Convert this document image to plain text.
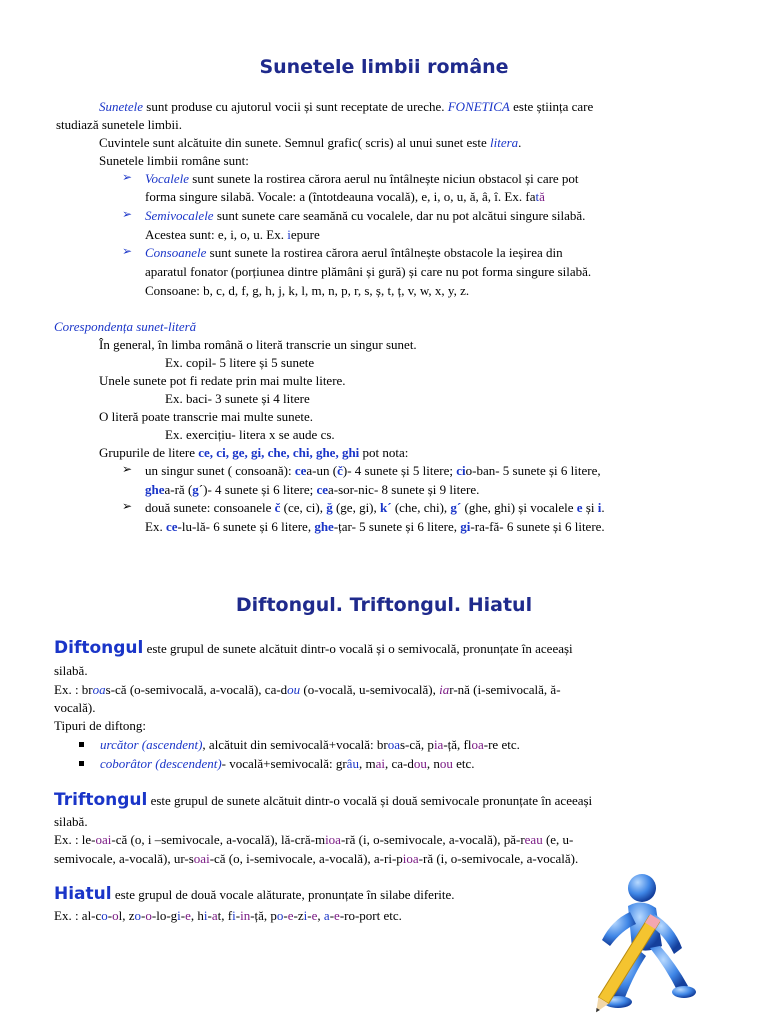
Sunetele limbii române
Sunetele sunt produse cu ajutorul vocii și sunt receptate de ureche. FONETICA este știința care
studiază sunetele limbii.
Cuvintele sunt alcătuite din sunete. Semnul grafic( scris) al unui sunet este litera.
Sunetele limbii române sunt:
➢ Vocalele sunt sunete la rostirea cărora aerul nu întâlnește niciun obstacol și care pot
forma singure silabă. Vocale: a (întotdeauna vocală), e, i, o, u, ă, â, î. Ex. fată
➢ Semivocalele sunt sunete care seamănă cu vocalele, dar nu pot alcătui singure silabă.
Acestea sunt: e, i, o, u. Ex. iepure
➢ Consoanele sunt sunete la rostirea cărora aerul întâlnește obstacole la ieșirea din
aparatul fonator (porțiunea dintre plămâni și gură) și care nu pot forma singure silabă.
Consoane: b, c, d, f, g, h, j, k, l, m, n, p, r, s, ș, t, ț, v, w, x, y, z.
Corespondența sunet-literă
În general, în limba română o literă transcrie un singur sunet.
Ex. copil- 5 litere și 5 sunete
Unele sunete pot fi redate prin mai multe litere.
Ex. baci- 3 sunete și 4 litere
O literă poate transcrie mai multe sunete.
Ex. exercițiu- litera x se aude cs.
Grupurile de litere ce, ci, ge, gi, che, chi, ghe, ghi pot nota:
➢ un singur sunet ( consoană): cea-un (č)- 4 sunete și 5 litere; cio-ban- 5 sunete și 6 litere,
ghea-ră (g´)- 4 sunete și 6 litere; cea-sor-nic- 8 sunete și 9 litere.
➢ două sunete: consoanele č (ce, ci), ğ (ge, gi), k´ (che, chi), g´ (ghe, ghi) și vocalele e și i.
Ex. ce-lu-lă- 6 sunete și 6 litere, ghe-țar- 5 sunete și 6 litere, gi-ra-fă- 6 sunete și 6 litere.
Diftongul. Triftongul. Hiatul
Diftongul este grupul de sunete alcătuit dintr-o vocală și o semivocală, pronunțate în aceeași
silabă.
Ex. : broas-că (o-semivocală, a-vocală), ca-dou (o-vocală, u-semivocală), iar-nă (i-semivocală, ă-
vocală).
Tipuri de diftong:
urcător (ascendent), alcătuit din semivocală+vocală: broas-că, pia-ță, floa-re etc.
coborâtor (descendent)- vocală+semivocală: grâu, mai, ca-dou, nou etc.
Triftongul este grupul de sunete alcătuit dintr-o vocală și două semivocale pronunțate în aceeași
silabă.
Ex. : le-oai-că (o, i –semivocale, a-vocală), lă-cră-mioa-ră (i, o-semivocale, a-vocală), pă-reau (e, u-
semivocale, a-vocală), ur-soai-că (o, i-semivocale, a-vocală), a-ri-pioa-ră (i, o-semivocale, a-vocală).
Hiatul este grupul de două vocale alăturate, pronunțate în silabe diferite.
Ex. : al-co-ol, zo-o-lo-gi-e, hi-at, fi-in-ță, po-e-zi-e, a-e-ro-port etc.
